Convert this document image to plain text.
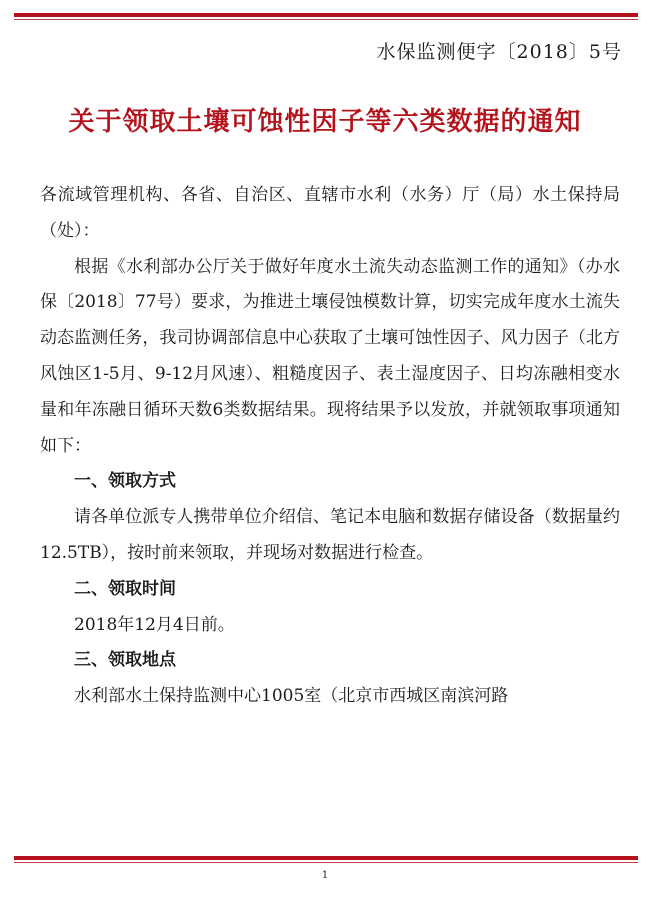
水保监测便字〔2018〕5号
关于领取土壤可蚀性因子等六类数据的通知

各流域管理机构、各省、自治区、直辖市水利（水务）厅（局）水土保持局（处）：

根据《水利部办公厅关于做好年度水土流失动态监测工作的通知》（办水保〔2018〕77号）要求，为推进土壤侵蚀模数计算，切实完成年度水土流失动态监测任务，我司协调部信息中心获取了土壤可蚀性因子、风力因子（北方风蚀区1-5月、9-12月风速）、粗糙度因子、表土湿度因子、日均冻融相变水量和年冻融日循环天数6类数据结果。现将结果予以发放，并就领取事项通知如下：

一、领取方式

请各单位派专人携带单位介绍信、笔记本电脑和数据存储设备（数据量约12.5TB），按时前来领取，并现场对数据进行检查。

二、领取时间

2018年12月4日前。

三、领取地点

水利部水土保持监测中心1005室（北京市西城区南滨河路

1
